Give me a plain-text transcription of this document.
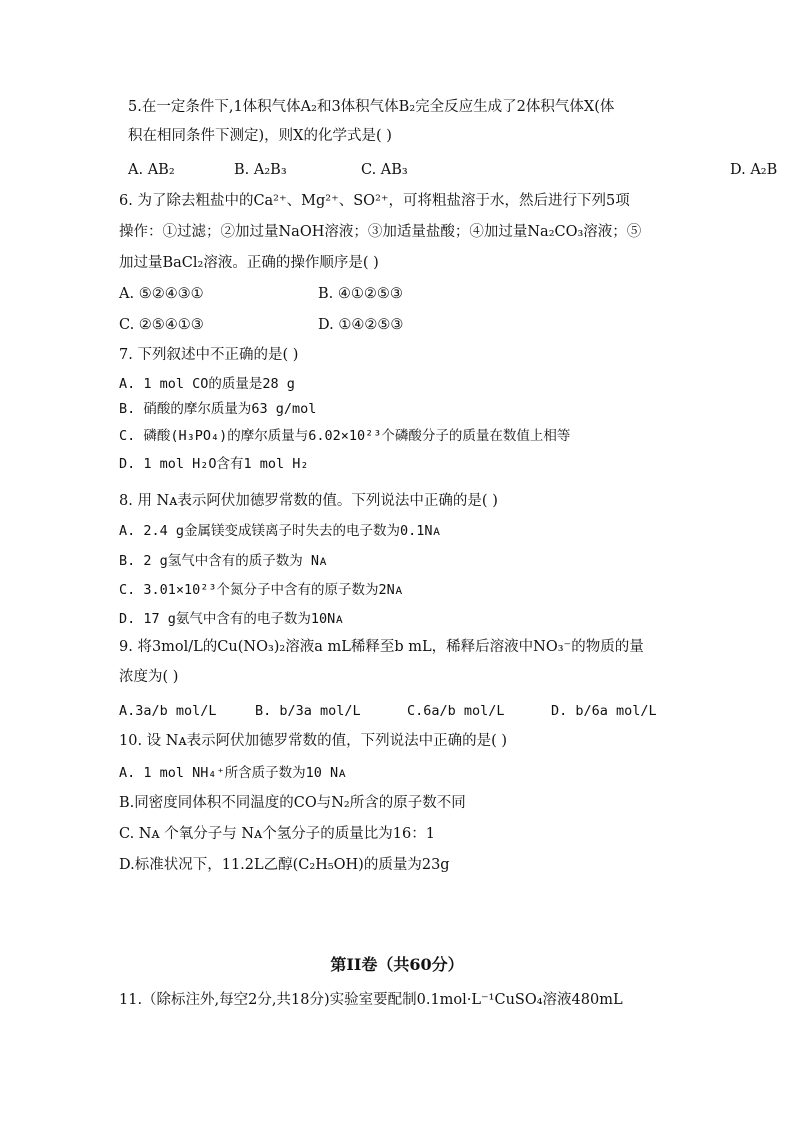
5.在一定条件下,1体积气体A₂和3体积气体B₂完全反应生成了2体积气体X(体
积在相同条件下测定)，则X的化学式是( )
A. AB₂	B. A₂B₃	C. AB₃	D. A₂B
6. 为了除去粗盐中的Ca²⁺、Mg²⁺、SO²⁺，可将粗盐溶于水，然后进行下列5项
操作：①过滤；②加过量NaOH溶液；③加适量盐酸；④加过量Na₂CO₃溶液；⑤
加过量BaCl₂溶液。正确的操作顺序是( )
A. ⑤②④③①	B. ④①②⑤③
C. ②⑤④①③	D. ①④②⑤③
7. 下列叙述中不正确的是( )
A. 1 mol CO的质量是28 g
B. 硝酸的摩尔质量为63 g/mol
C. 磷酸(H₃PO₄)的摩尔质量与6.02×10²³个磷酸分子的质量在数值上相等
D. 1 mol H₂O含有1 mol H₂
8. 用 Nᴀ表示阿伏加德罗常数的值。下列说法中正确的是( )
A. 2.4 g金属镁变成镁离子时失去的电子数为0.1Nᴀ
B. 2 g氢气中含有的质子数为 Nᴀ
C. 3.01×10²³个氮分子中含有的原子数为2Nᴀ
D. 17 g氨气中含有的电子数为10Nᴀ
9. 将3mol/L的Cu(NO₃)₂溶液a mL稀释至b mL，稀释后溶液中NO₃⁻的物质的量
浓度为( )
A.3a/b mol/L	B. b/3a mol/L	C.6a/b mol/L	D. b/6a mol/L
10. 设 Nᴀ表示阿伏加德罗常数的值，下列说法中正确的是( )
A. 1 mol NH₄⁺所含质子数为10 Nᴀ
B.同密度同体积不同温度的CO与N₂所含的原子数不同
C. Nᴀ 个氧分子与 Nᴀ个氢分子的质量比为16：1
D.标准状况下，11.2L乙醇(C₂H₅OH)的质量为23g
第II卷（共60分）
11.（除标注外,每空2分,共18分)实验室要配制0.1mol·L⁻¹CuSO₄溶液480mL
